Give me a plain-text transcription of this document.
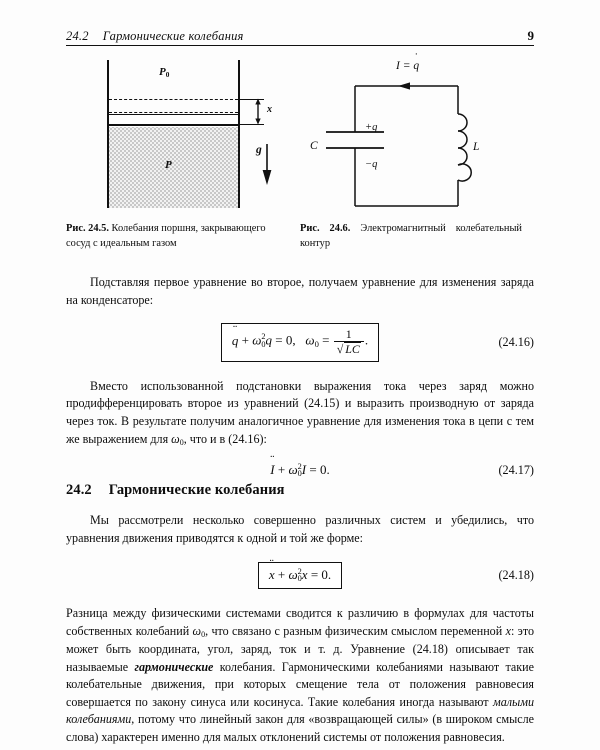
24.2 Гармонические колебания	9
$P_0$
P
x
g
I = q ˙
C	L
+q
−q
Рис. 24.5. Колебания поршня, закрывающего сосуд с идеальным газом
Рис. 24.6. Электромагнитный колебательный контур

Подставляя первое уравнение во второе, получаем уравнение для изменения заряда на конденсаторе:

q ¨ + ω 2
0 q = 0, $\omega_0 = \frac{1}{√ LC}$ .	(24.16)

Вместо использованной подстановки выражения тока через заряд можно продифференцировать второе из уравнений (24.15) и выразить производную от заряда через ток. В результате получим аналогичное уравнение для изменения тока в цепи с тем же выражением для $\omega_0$, что и в (24.16):

I ¨ + ω 2
0 I = 0.	(24.17)
24.2 Гармонические колебания

Мы рассмотрели несколько совершенно различных систем и убедились, что уравнения движения приводятся к одной и той же форме:

x ¨ + ω 2
0 x = 0.	(24.18)

Разница между физическими системами сводится к различию в формулах для частоты собственных колебаний $\omega_0$, что связано с разным физическим смыслом переменной x: это может быть координата, угол, заряд, ток и т. д. Уравнение (24.18) описывает так называемые гармонические колебания. Гармоническими колебаниями называют такие колебательные движения, при которых смещение тела от положения равновесия совершается по закону синуса или косинуса. Такие колебания иногда называют малыми колебаниями, потому что линейный закон для «возвращающей силы» (в широком смысле слова) характерен именно для малых отклонений системы от положения равновесия.
